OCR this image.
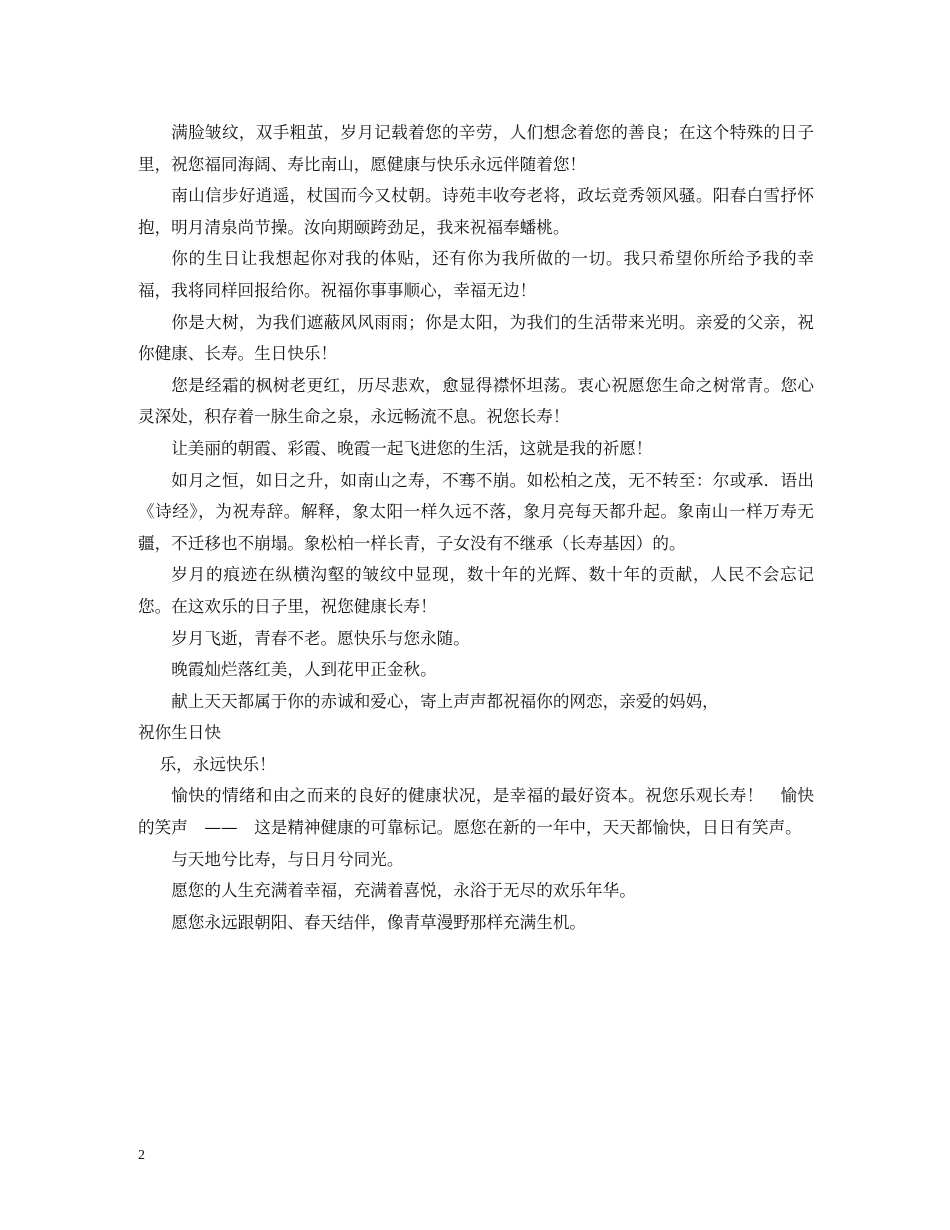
满脸皱纹，双手粗茧，岁月记载着您的辛劳，人们想念着您的善良；在这个特殊的日子里，祝您福同海阔、寿比南山，愿健康与快乐永远伴随着您！

南山信步好逍遥，杖国而今又杖朝。诗苑丰收夸老将，政坛竞秀领风骚。阳春白雪抒怀抱，明月清泉尚节操。汝向期颐跨劲足，我来祝福奉蟠桃。

你的生日让我想起你对我的体贴，还有你为我所做的一切。我只希望你所给予我的幸福，我将同样回报给你。祝福你事事顺心，幸福无边！

你是大树，为我们遮蔽风风雨雨；你是太阳，为我们的生活带来光明。亲爱的父亲，祝你健康、长寿。生日快乐！

您是经霜的枫树老更红，历尽悲欢，愈显得襟怀坦荡。衷心祝愿您生命之树常青。您心灵深处，积存着一脉生命之泉，永远畅流不息。祝您长寿！

让美丽的朝霞、彩霞、晚霞一起飞进您的生活，这就是我的祈愿！

如月之恒，如日之升，如南山之寿，不骞不崩。如松柏之茂，无不转至：尔或承．语出《诗经》，为祝寿辞。解释，象太阳一样久远不落，象月亮每天都升起。象南山一样万寿无疆，不迁移也不崩塌。象松柏一样长青，子女没有不继承（长寿基因）的。

岁月的痕迹在纵横沟壑的皱纹中显现，数十年的光辉、数十年的贡献，人民不会忘记您。在这欢乐的日子里，祝您健康长寿！

岁月飞逝，青春不老。愿快乐与您永随。

晚霞灿烂落红美，人到花甲正金秋。

献上天天都属于你的赤诚和爱心，寄上声声都祝福你的网恋，亲爱的妈妈，

祝你生日快

乐，永远快乐！

愉快的情绪和由之而来的良好的健康状况，是幸福的最好资本。祝您乐观长寿！　愉快的笑声　——　这是精神健康的可靠标记。愿您在新的一年中，天天都愉快，日日有笑声。

与天地兮比寿，与日月兮同光。

愿您的人生充满着幸福，充满着喜悦，永浴于无尽的欢乐年华。

愿您永远跟朝阳、春天结伴，像青草漫野那样充满生机。

2
